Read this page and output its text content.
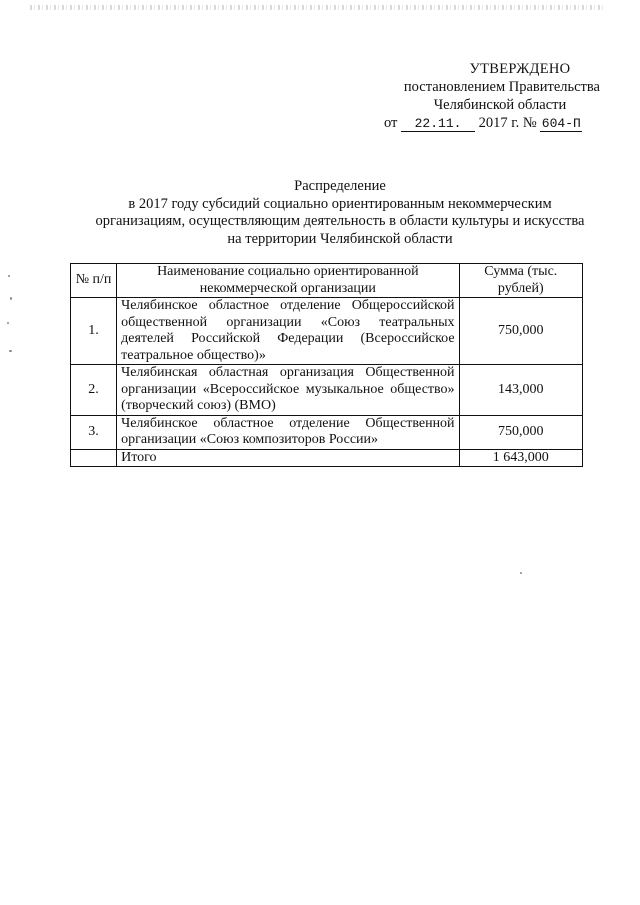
УТВЕРЖДЕНО
постановлением Правительства
Челябинской области
от 22.11. 2017 г. № 604-П
Распределение
в 2017 году субсидий социально ориентированным некоммерческим
организациям, осуществляющим деятельность в области культуры и искусства
на территории Челябинской области
№ п/п	Наименование социально ориентированной некоммерческой организации	Сумма (тыс. рублей)
1.	Челябинское областное отделение Общероссийской общественной организации «Союз театральных деятелей Российской Федерации (Всероссийское театральное общество)»	750,000
2.	Челябинская областная организация Общественной организации «Всероссийское музыкальное общество» (творческий союз) (ВМО)	143,000
3.	Челябинское областное отделение Общественной организации «Союз композиторов России»	750,000
	Итого	1 643,000
